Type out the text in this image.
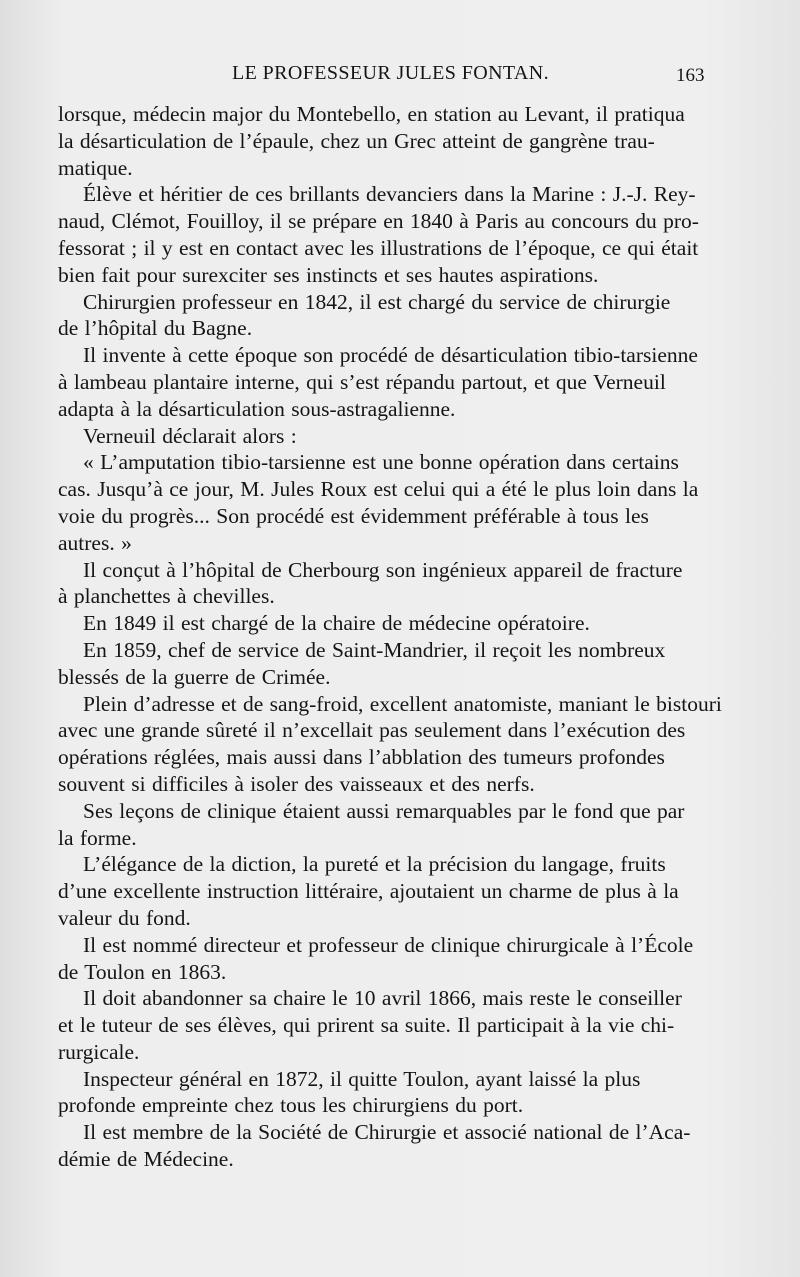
LE PROFESSEUR JULES FONTAN.	163

lorsque, médecin major du Montebello, en station au Levant, il pratiqua
la désarticulation de l’épaule, chez un Grec atteint de gangrène trau-
matique.

Élève et héritier de ces brillants devanciers dans la Marine : J.-J. Rey-
naud, Clémot, Fouilloy, il se prépare en 1840 à Paris au concours du pro-
fessorat ; il y est en contact avec les illustrations de l’époque, ce qui était
bien fait pour surexciter ses instincts et ses hautes aspirations.

Chirurgien professeur en 1842, il est chargé du service de chirurgie
de l’hôpital du Bagne.

Il invente à cette époque son procédé de désarticulation tibio-tarsienne
à lambeau plantaire interne, qui s’est répandu partout, et que Verneuil
adapta à la désarticulation sous-astragalienne.

Verneuil déclarait alors :

« L’amputation tibio-tarsienne est une bonne opération dans certains
cas. Jusqu’à ce jour, M. Jules Roux est celui qui a été le plus loin dans la
voie du progrès... Son procédé est évidemment préférable à tous les
autres. »

Il conçut à l’hôpital de Cherbourg son ingénieux appareil de fracture
à planchettes à chevilles.

En 1849 il est chargé de la chaire de médecine opératoire.

En 1859, chef de service de Saint-Mandrier, il reçoit les nombreux
blessés de la guerre de Crimée.

Plein d’adresse et de sang-froid, excellent anatomiste, maniant le bistouri
avec une grande sûreté il n’excellait pas seulement dans l’exécution des
opérations réglées, mais aussi dans l’abblation des tumeurs profondes
souvent si difficiles à isoler des vaisseaux et des nerfs.

Ses leçons de clinique étaient aussi remarquables par le fond que par
la forme.

L’élégance de la diction, la pureté et la précision du langage, fruits
d’une excellente instruction littéraire, ajoutaient un charme de plus à la
valeur du fond.

Il est nommé directeur et professeur de clinique chirurgicale à l’École
de Toulon en 1863.

Il doit abandonner sa chaire le 10 avril 1866, mais reste le conseiller
et le tuteur de ses élèves, qui prirent sa suite. Il participait à la vie chi-
rurgicale.

Inspecteur général en 1872, il quitte Toulon, ayant laissé la plus
profonde empreinte chez tous les chirurgiens du port.

Il est membre de la Société de Chirurgie et associé national de l’Aca-
démie de Médecine.
